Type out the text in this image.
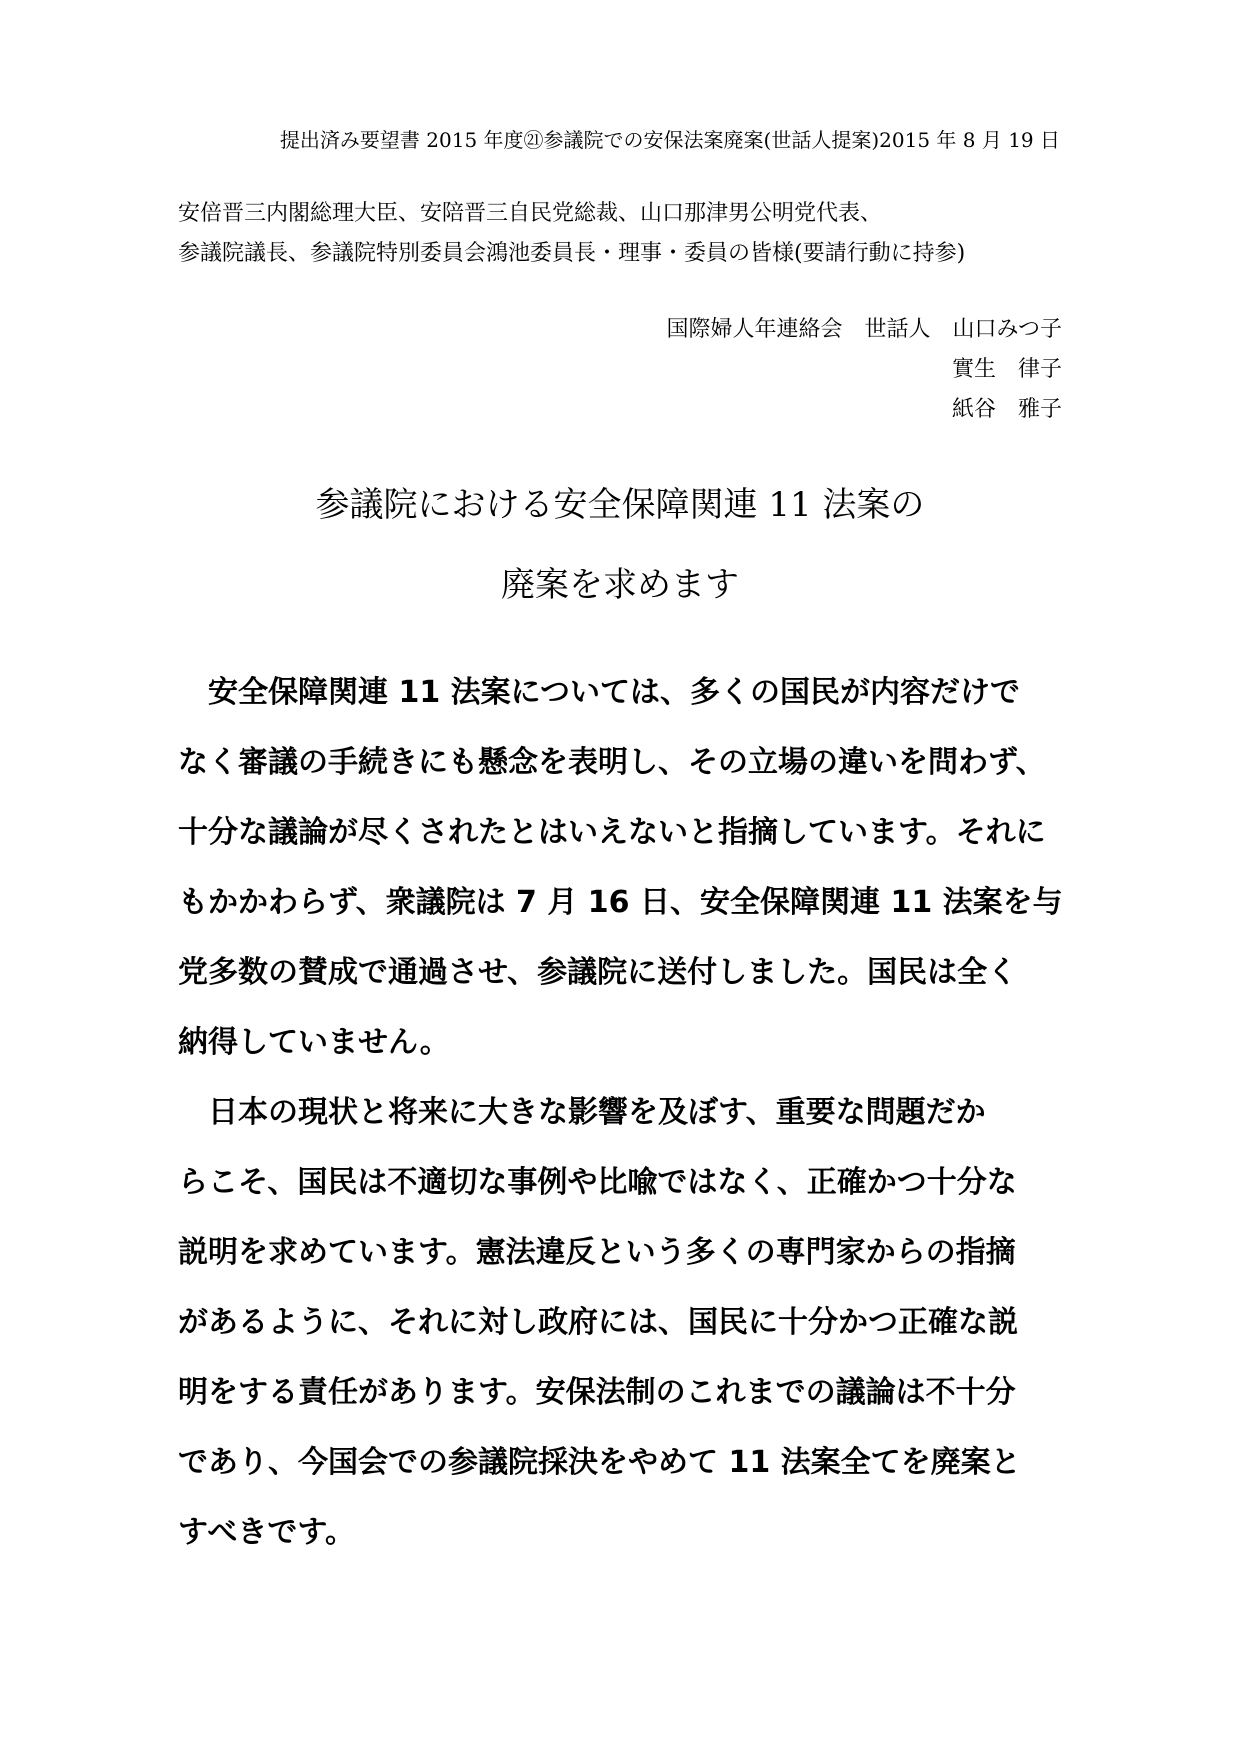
提出済み要望書 2015 年度㉑参議院での安保法案廃案(世話人提案)2015 年 8 月 19 日
安倍晋三内閣総理大臣、安陪晋三自民党総裁、山口那津男公明党代表、
参議院議長、参議院特別委員会鴻池委員長・理事・委員の皆様(要請行動に持参)
国際婦人年連絡会　世話人　山口みつ子
實生　律子
紙谷　雅子
参議院における安全保障関連 11 法案の
廃案を求めます
　安全保障関連 11 法案については、多くの国民が内容だけで
なく審議の手続きにも懸念を表明し、その立場の違いを問わず、
十分な議論が尽くされたとはいえないと指摘しています。それに
もかかわらず、衆議院は 7 月 16 日、安全保障関連 11 法案を与
党多数の賛成で通過させ、参議院に送付しました。国民は全く
納得していません。
　日本の現状と将来に大きな影響を及ぼす、重要な問題だか
らこそ、国民は不適切な事例や比喩ではなく、正確かつ十分な
説明を求めています。憲法違反という多くの専門家からの指摘
があるように、それに対し政府には、国民に十分かつ正確な説
明をする責任があります。安保法制のこれまでの議論は不十分
であり、今国会での参議院採決をやめて 11 法案全てを廃案と
すべきです。
